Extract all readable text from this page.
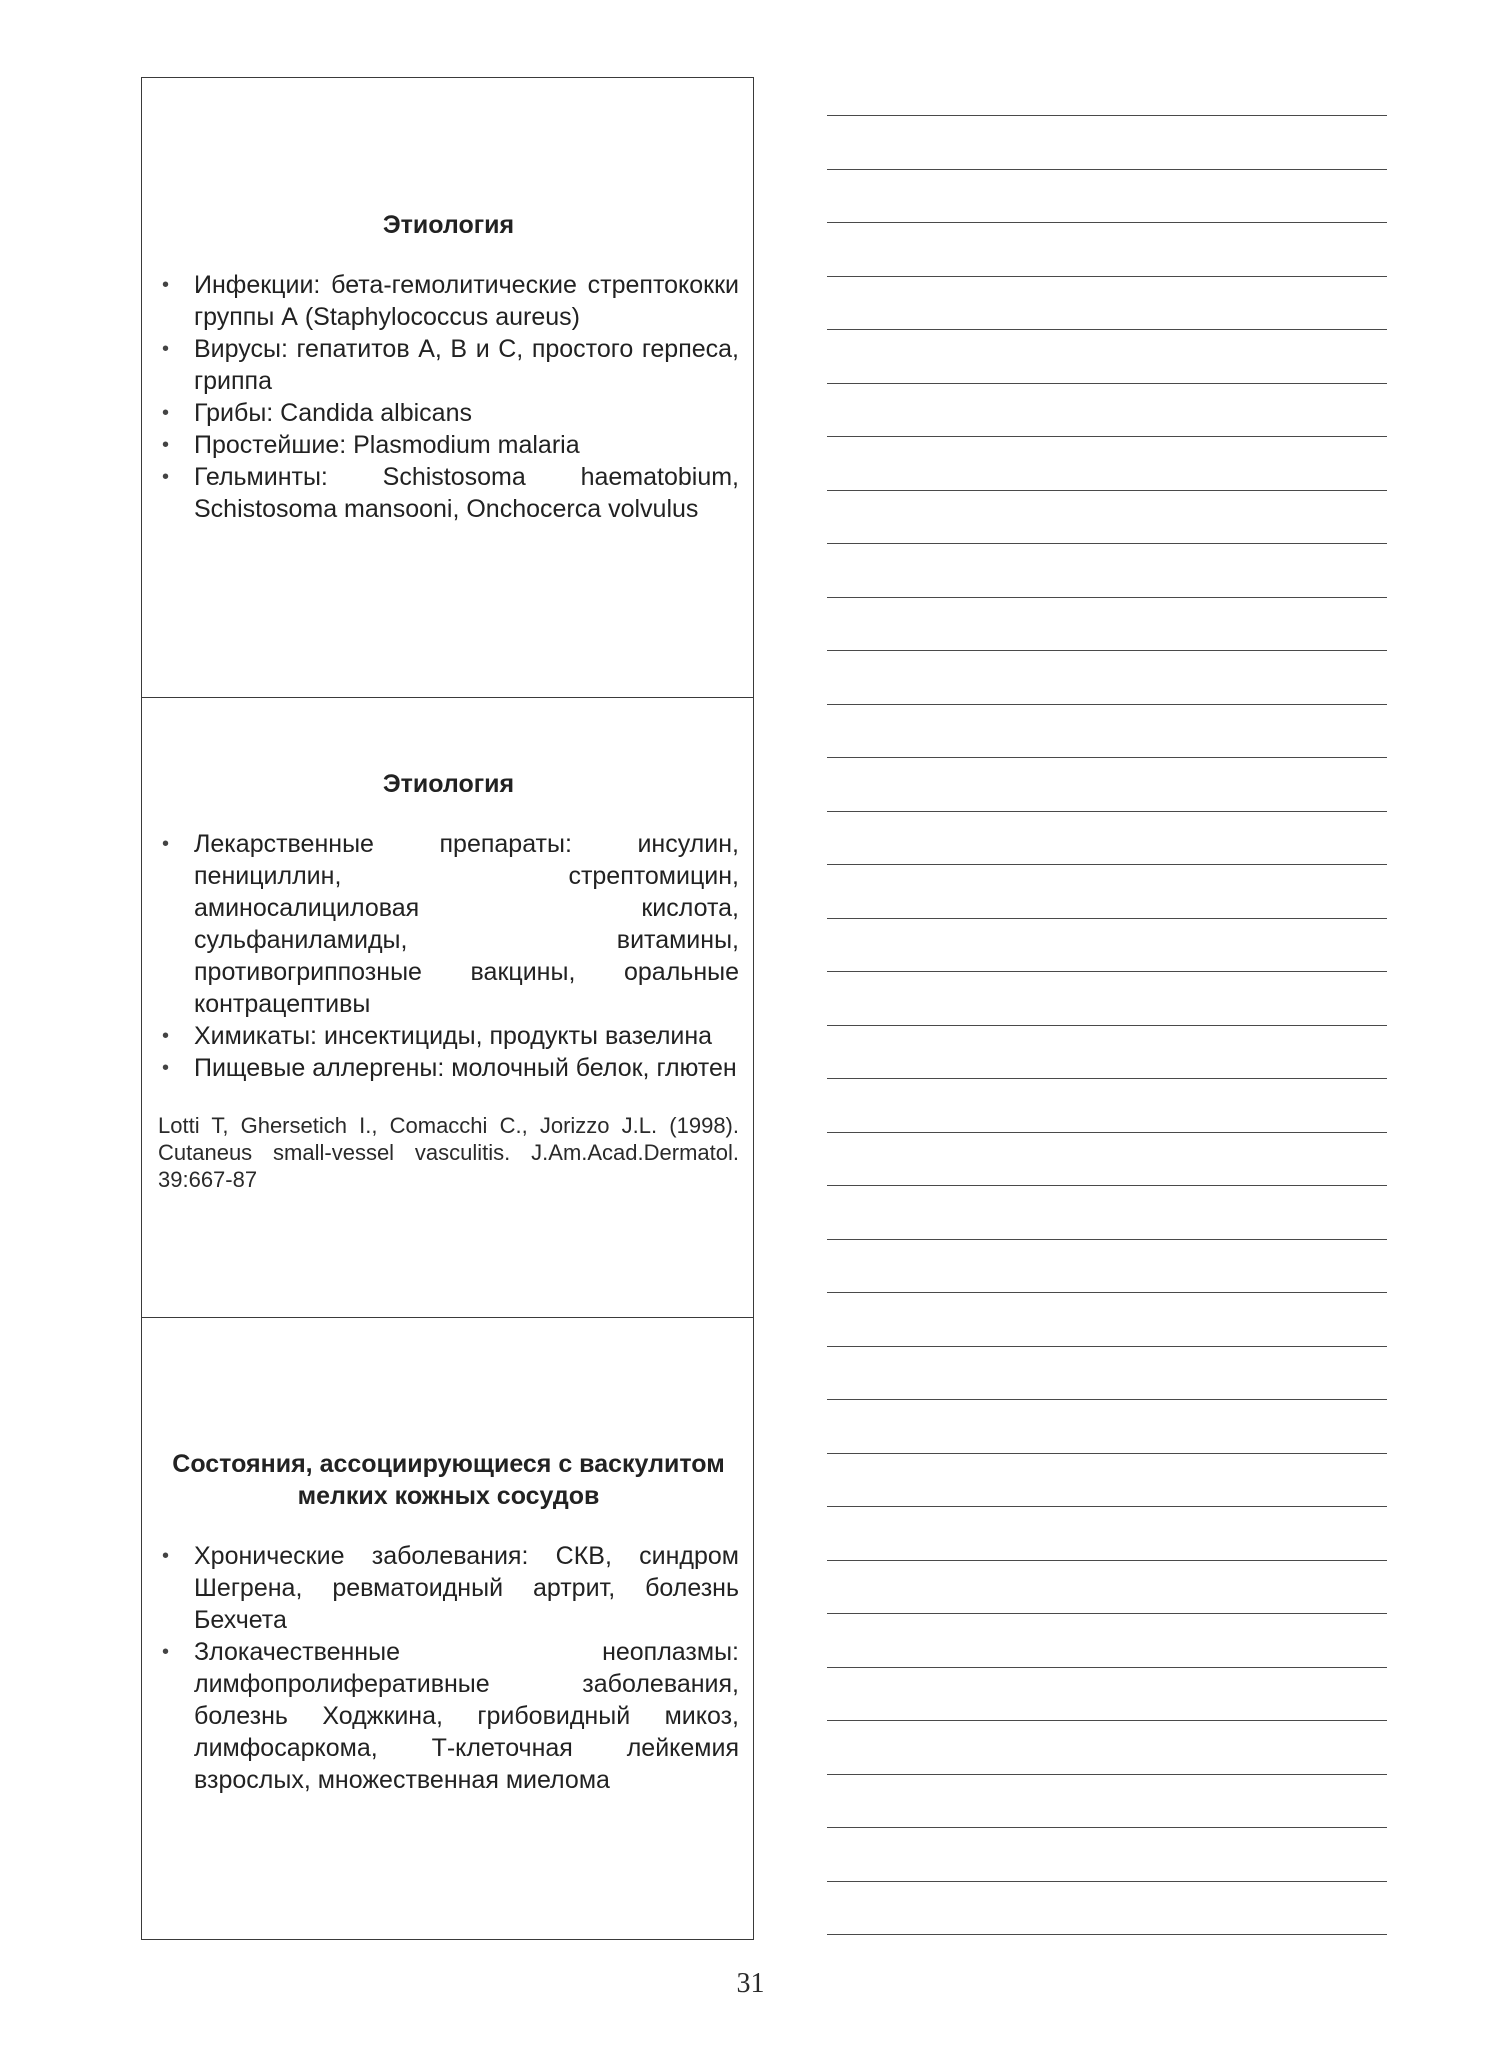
Этиология
• Инфекции: бета-гемолитические стрептококки группы А (Staphylococcus aureus)
• Вирусы: гепатитов А, В и С, простого герпеса, гриппа
• Грибы: Candida albicans
• Простейшие: Plasmodium malaria
• Гельминты: Schistosoma haematobium, Schistosoma mansooni, Onchocerca volvulus
Этиология
• Лекарственные препараты: инсулин, пенициллин, стрептомицин, аминосалициловая кислота, сульфаниламиды, витамины, противогриппозные вакцины, оральные контрацептивы
• Химикаты: инсектициды, продукты вазелина
• Пищевые аллергены: молочный белок, глютен

Lotti T, Ghersetich I., Comacchi C., Jorizzo J.L. (1998). Cutaneus small-vessel vasculitis. J.Am.Acad.Dermatol. 39:667-87

Состояния, ассоциирующиеся с васкулитом мелких кожных сосудов
• Хронические заболевания: СКВ, синдром Шегрена, ревматоидный артрит, болезнь Бехчета
• Злокачественные неоплазмы: лимфопролиферативные заболевания, болезнь Ходжкина, грибовидный микоз, лимфосаркома, Т-клеточная лейкемия взрослых, множественная миелома
31
